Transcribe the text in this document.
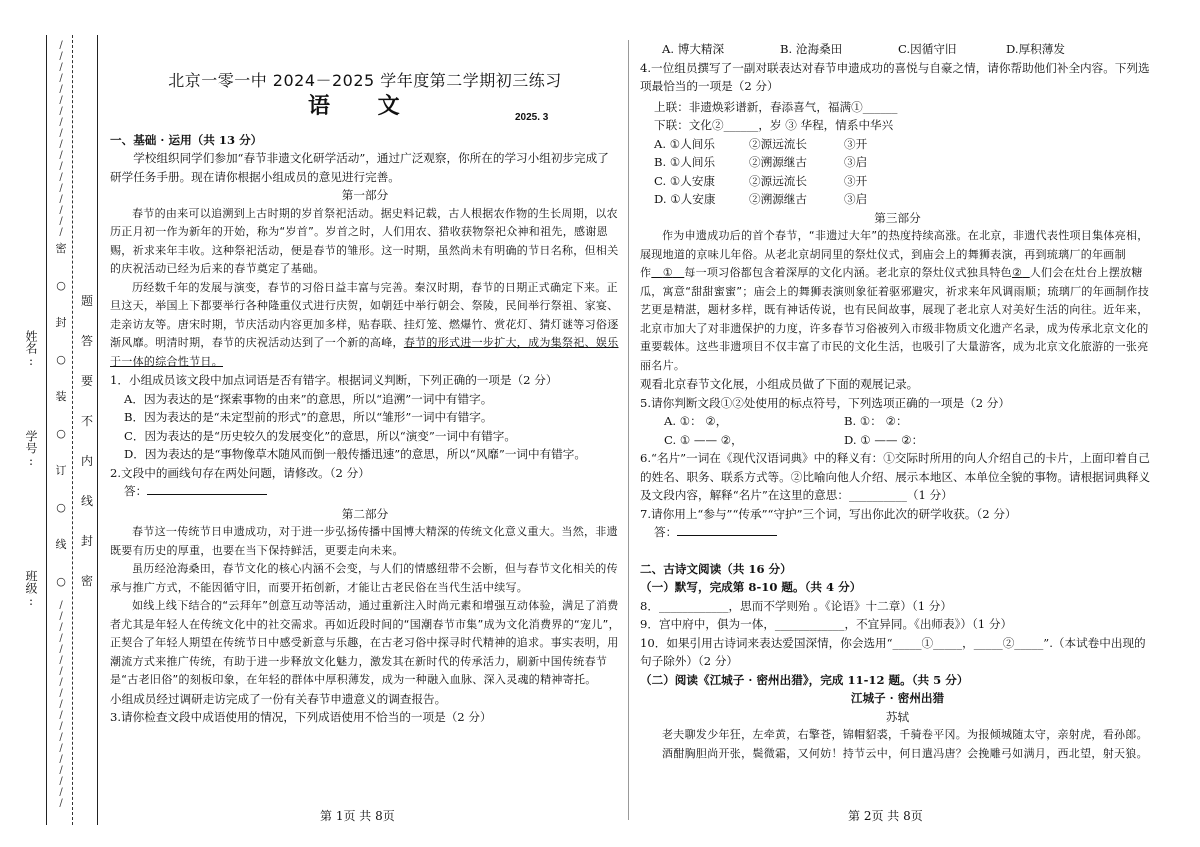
班级:
学号:
姓名:
/
/
/
/
/
/
/
/
/
/
/
/
/
/
/
/
/
/
/
/
/
/
/
/
/
/
/
/
/
/
/
/
/
/
/
/
/
密
○
封
○
装
○
订
○
线
○
题
答
要
不
内
线
封
密
北京一零一中 2024－2025 学年度第二学期初三练习
语 文	2025. 3

一、基础 · 运用（共 13 分）

学校组织同学们参加“春节非遗文化研学活动”，通过广泛观察，你所在的学习小组初步完成了研学任务手册。现在请你根据小组成员的意见进行完善。

第一部分

春节的由来可以追溯到上古时期的岁首祭祀活动。据史料记载，古人根据农作物的生长周期，以农历正月初一作为新年的开始，称为“岁首”。岁首之时，人们用农、猎收获物祭祀众神和祖先，感谢恩赐，祈求来年丰收。这种祭祀活动，便是春节的雏形。这一时期，虽然尚未有明确的节日名称，但相关的庆祝活动已经为后来的春节奠定了基础。

历经数千年的发展与演变，春节的习俗日益丰富与完善。秦汉时期，春节的日期正式确定下来。正旦这天，举国上下都要举行各种隆重仪式进行庆贺，如朝廷中举行朝会、祭陵，民间举行祭祖、家宴、走亲访友等。唐宋时期，节庆活动内容更加多样，贴春联、挂灯笼、燃爆竹、赏花灯、猜灯谜等习俗逐渐风靡。明清时期，春节的庆祝活动达到了一个新的高峰，春节的形式进一步扩大，成为集祭祀、娱乐于一体的综合性节日。

1．小组成员该文段中加点词语是否有错字。根据词义判断，下列正确的一项是（2 分）

A．因为表达的是“探索事物的由来”的意思，所以“追溯”一词中有错字。

B．因为表达的是“未定型前的形式”的意思，所以“雏形”一词中有错字。

C．因为表达的是“历史较久的发展变化”的意思，所以“演变”一词中有错字。

D．因为表达的是“事物像草木随风而倒一般传播迅速”的意思，所以“风靡”一词中有错字。

2.文段中的画线句存在两处问题，请修改。（2 分）

答：

第二部分

春节这一传统节日申遗成功，对于进一步弘扬传播中国博大精深的传统文化意义重大。当然，非遗既要有历史的厚重，也要在当下保持鲜活，更要走向未来。

虽历经沧海桑田，春节文化的核心内涵不会变，与人们的情感纽带不会断，但与春节文化相关的传承与推广方式，不能因循守旧，而要开拓创新，才能让古老民俗在当代生活中续写。

如线上线下结合的“云拜年”创意互动等活动，通过重新注入时尚元素和增强互动体验，满足了消费者尤其是年轻人在传统文化中的社交需求。再如近段时间的“国潮春节市集”成为文化消费界的“宠儿”，正契合了年轻人期望在传统节日中感受新意与乐趣，在古老习俗中探寻时代精神的追求。事实表明，用潮流方式来推广传统，有助于进一步释放文化魅力，激发其在新时代的传承活力，刷新中国传统春节是“古老旧俗”的刻板印象，在年轻的群体中厚积薄发，成为一种融入血脉、深入灵魂的精神寄托。

小组成员经过调研走访完成了一份有关春节申遗意义的调查报告。

3.请你检查文段中成语使用的情况，下列成语使用不恰当的一项是（2 分）

第 1页 共 8页
A. 博大精深	B. 沧海桑田	C.因循守旧	D.厚积薄发

4.一位组员撰写了一副对联表达对春节申遗成功的喜悦与自豪之情，请你帮助他们补全内容。下列选项最恰当的一项是（2 分）

上联：非遗焕彩谱新，春添喜气，福满①______

下联：文化②______，岁 ③ 华程，情系中华兴

A. ①人间乐	②源远流长	③开
B. ①人间乐	②溯源继古	③启
C. ①人安康	②源远流长	③开
D. ①人安康	②溯源继古	③启

第三部分

作为申遗成功后的首个春节，“非遗过大年”的热度持续高涨。在北京，非遗代表性项目集体亮相，展现地道的京味儿年俗。从老北京胡同里的祭灶仪式，到庙会上的舞狮表演，再到琉璃厂的年画制作 ① 每一项习俗都包含着深厚的文化内涵。老北京的祭灶仪式独具特色② 人们会在灶台上摆放糖瓜，寓意“甜甜蜜蜜”；庙会上的舞狮表演则象征着驱邪避灾，祈求来年风调雨顺；琉璃厂的年画制作技艺更是精湛，题材多样，既有神话传说，也有民间故事，展现了老北京人对美好生活的向往。近年来，北京市加大了对非遗保护的力度，许多春节习俗被列入市级非物质文化遗产名录，成为传承北京文化的重要载体。这些非遗项目不仅丰富了市民的文化生活，也吸引了大量游客，成为北京文化旅游的一张亮丽名片。

观看北京春节文化展，小组成员做了下面的观展记录。

5.请你判断文段①②处使用的标点符号，下列选项正确的一项是（2 分）

A. ①： ②，	B. ①： ②：
C. ① —— ②，	D. ① —— ②：

6.“名片”一词在《现代汉语词典》中的释义有：①交际时所用的向人介绍自己的卡片，上面印着自己的姓名、职务、联系方式等。②比喻向他人介绍、展示本地区、本单位全貌的事物。请根据词典释义及文段内容，解释“名片”在这里的意思：__________（1 分）

7.请你用上“参与”“传承”“守护”三个词，写出你此次的研学收获。（2 分）

答：

二、古诗文阅读（共 16 分）

（一）默写，完成第 8-10 题。（共 4 分）

8．____________，思而不学则殆 。《论语》十二章）（1 分）

9．宫中府中，俱为一体，____________，不宜异同。《出师表》）（1 分）

10．如果引用古诗词来表达爱国深情，你会选用“_____①_____，_____②_____”.（本试卷中出现的句子除外）（2 分）

（二）阅读《江城子 · 密州出猎》，完成 11-12 题。（共 5 分）

江城子 · 密州出猎

苏轼

老夫聊发少年狂，左牵黄，右擎苍，锦帽貂裘，千骑卷平冈。为报倾城随太守，亲射虎，看孙郎。

酒酣胸胆尚开张，鬓微霜，又何妨！持节云中，何日遣冯唐？会挽雕弓如满月，西北望，射天狼。

第 2页 共 8页
